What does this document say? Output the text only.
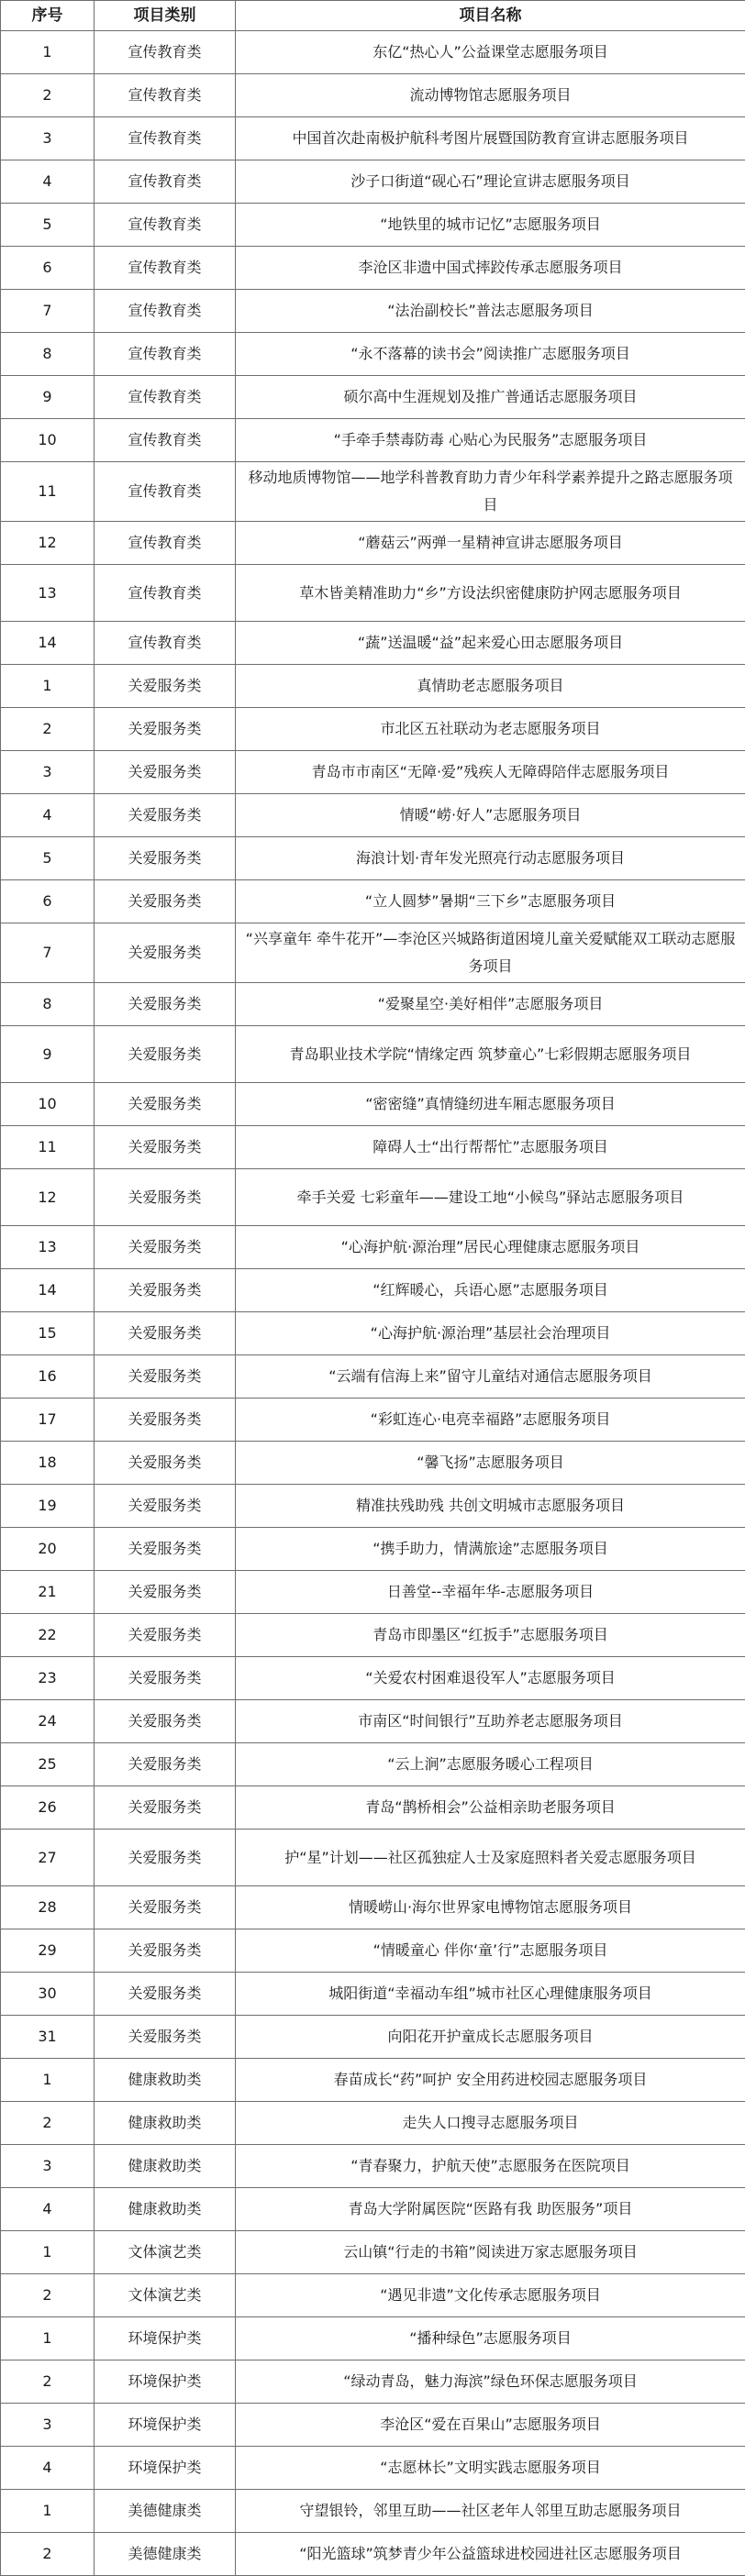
序号	项目类别	项目名称
1	宣传教育类	东亿“热心人”公益课堂志愿服务项目
2	宣传教育类	流动博物馆志愿服务项目
3	宣传教育类	中国首次赴南极护航科考图片展暨国防教育宣讲志愿服务项目
4	宣传教育类	沙子口街道“砚心石”理论宣讲志愿服务项目
5	宣传教育类	“地铁里的城市记忆”志愿服务项目
6	宣传教育类	李沧区非遗中国式摔跤传承志愿服务项目
7	宣传教育类	“法治副校长”普法志愿服务项目
8	宣传教育类	“永不落幕的读书会”阅读推广志愿服务项目
9	宣传教育类	硕尔高中生涯规划及推广普通话志愿服务项目
10	宣传教育类	“手牵手禁毒防毒 心贴心为民服务”志愿服务项目
11	宣传教育类	移动地质博物馆——地学科普教育助力青少年科学素养提升之路志愿服务项目
12	宣传教育类	“蘑菇云”两弹一星精神宣讲志愿服务项目
13	宣传教育类	草木皆美精准助力“乡”方设法织密健康防护网志愿服务项目
14	宣传教育类	“蔬”送温暖“益”起来爱心田志愿服务项目
1	关爱服务类	真情助老志愿服务项目
2	关爱服务类	市北区五社联动为老志愿服务项目
3	关爱服务类	青岛市市南区“无障·爱”残疾人无障碍陪伴志愿服务项目
4	关爱服务类	情暖“崂·好人”志愿服务项目
5	关爱服务类	海浪计划·青年发光照亮行动志愿服务项目
6	关爱服务类	“立人圆梦”暑期“三下乡”志愿服务项目
7	关爱服务类	“兴享童年 牵牛花开”—李沧区兴城路街道困境儿童关爱赋能双工联动志愿服务项目
8	关爱服务类	“爱聚星空·美好相伴”志愿服务项目
9	关爱服务类	青岛职业技术学院“情缘定西 筑梦童心”七彩假期志愿服务项目
10	关爱服务类	“密密缝”真情缝纫进车厢志愿服务项目
11	关爱服务类	障碍人士“出行帮帮忙”志愿服务项目
12	关爱服务类	牵手关爱 七彩童年——建设工地“小候鸟”驿站志愿服务项目
13	关爱服务类	“心海护航·源治理”居民心理健康志愿服务项目
14	关爱服务类	“红辉暖心，兵语心愿”志愿服务项目
15	关爱服务类	“心海护航·源治理”基层社会治理项目
16	关爱服务类	“云端有信海上来”留守儿童结对通信志愿服务项目
17	关爱服务类	“彩虹连心·电亮幸福路”志愿服务项目
18	关爱服务类	“馨飞扬”志愿服务项目
19	关爱服务类	精准扶残助残 共创文明城市志愿服务项目
20	关爱服务类	“携手助力，情满旅途”志愿服务项目
21	关爱服务类	日善堂--幸福年华-志愿服务项目
22	关爱服务类	青岛市即墨区“红扳手”志愿服务项目
23	关爱服务类	“关爱农村困难退役军人”志愿服务项目
24	关爱服务类	市南区“时间银行”互助养老志愿服务项目
25	关爱服务类	“云上涧”志愿服务暖心工程项目
26	关爱服务类	青岛“鹊桥相会”公益相亲助老服务项目
27	关爱服务类	护“星”计划——社区孤独症人士及家庭照料者关爱志愿服务项目
28	关爱服务类	情暖崂山·海尔世界家电博物馆志愿服务项目
29	关爱服务类	“情暖童心 伴你‘童’行”志愿服务项目
30	关爱服务类	城阳街道“幸福动车组”城市社区心理健康服务项目
31	关爱服务类	向阳花开护童成长志愿服务项目
1	健康救助类	春苗成长“药”呵护 安全用药进校园志愿服务项目
2	健康救助类	走失人口搜寻志愿服务项目
3	健康救助类	“青春聚力，护航天使”志愿服务在医院项目
4	健康救助类	青岛大学附属医院“医路有我 助医服务”项目
1	文体演艺类	云山镇“行走的书箱”阅读进万家志愿服务项目
2	文体演艺类	“遇见非遗”文化传承志愿服务项目
1	环境保护类	“播种绿色”志愿服务项目
2	环境保护类	“绿动青岛，魅力海滨”绿色环保志愿服务项目
3	环境保护类	李沧区“爱在百果山”志愿服务项目
4	环境保护类	“志愿林长”文明实践志愿服务项目
1	美德健康类	守望银铃，邻里互助——社区老年人邻里互助志愿服务项目
2	美德健康类	“阳光篮球”筑梦青少年公益篮球进校园进社区志愿服务项目
